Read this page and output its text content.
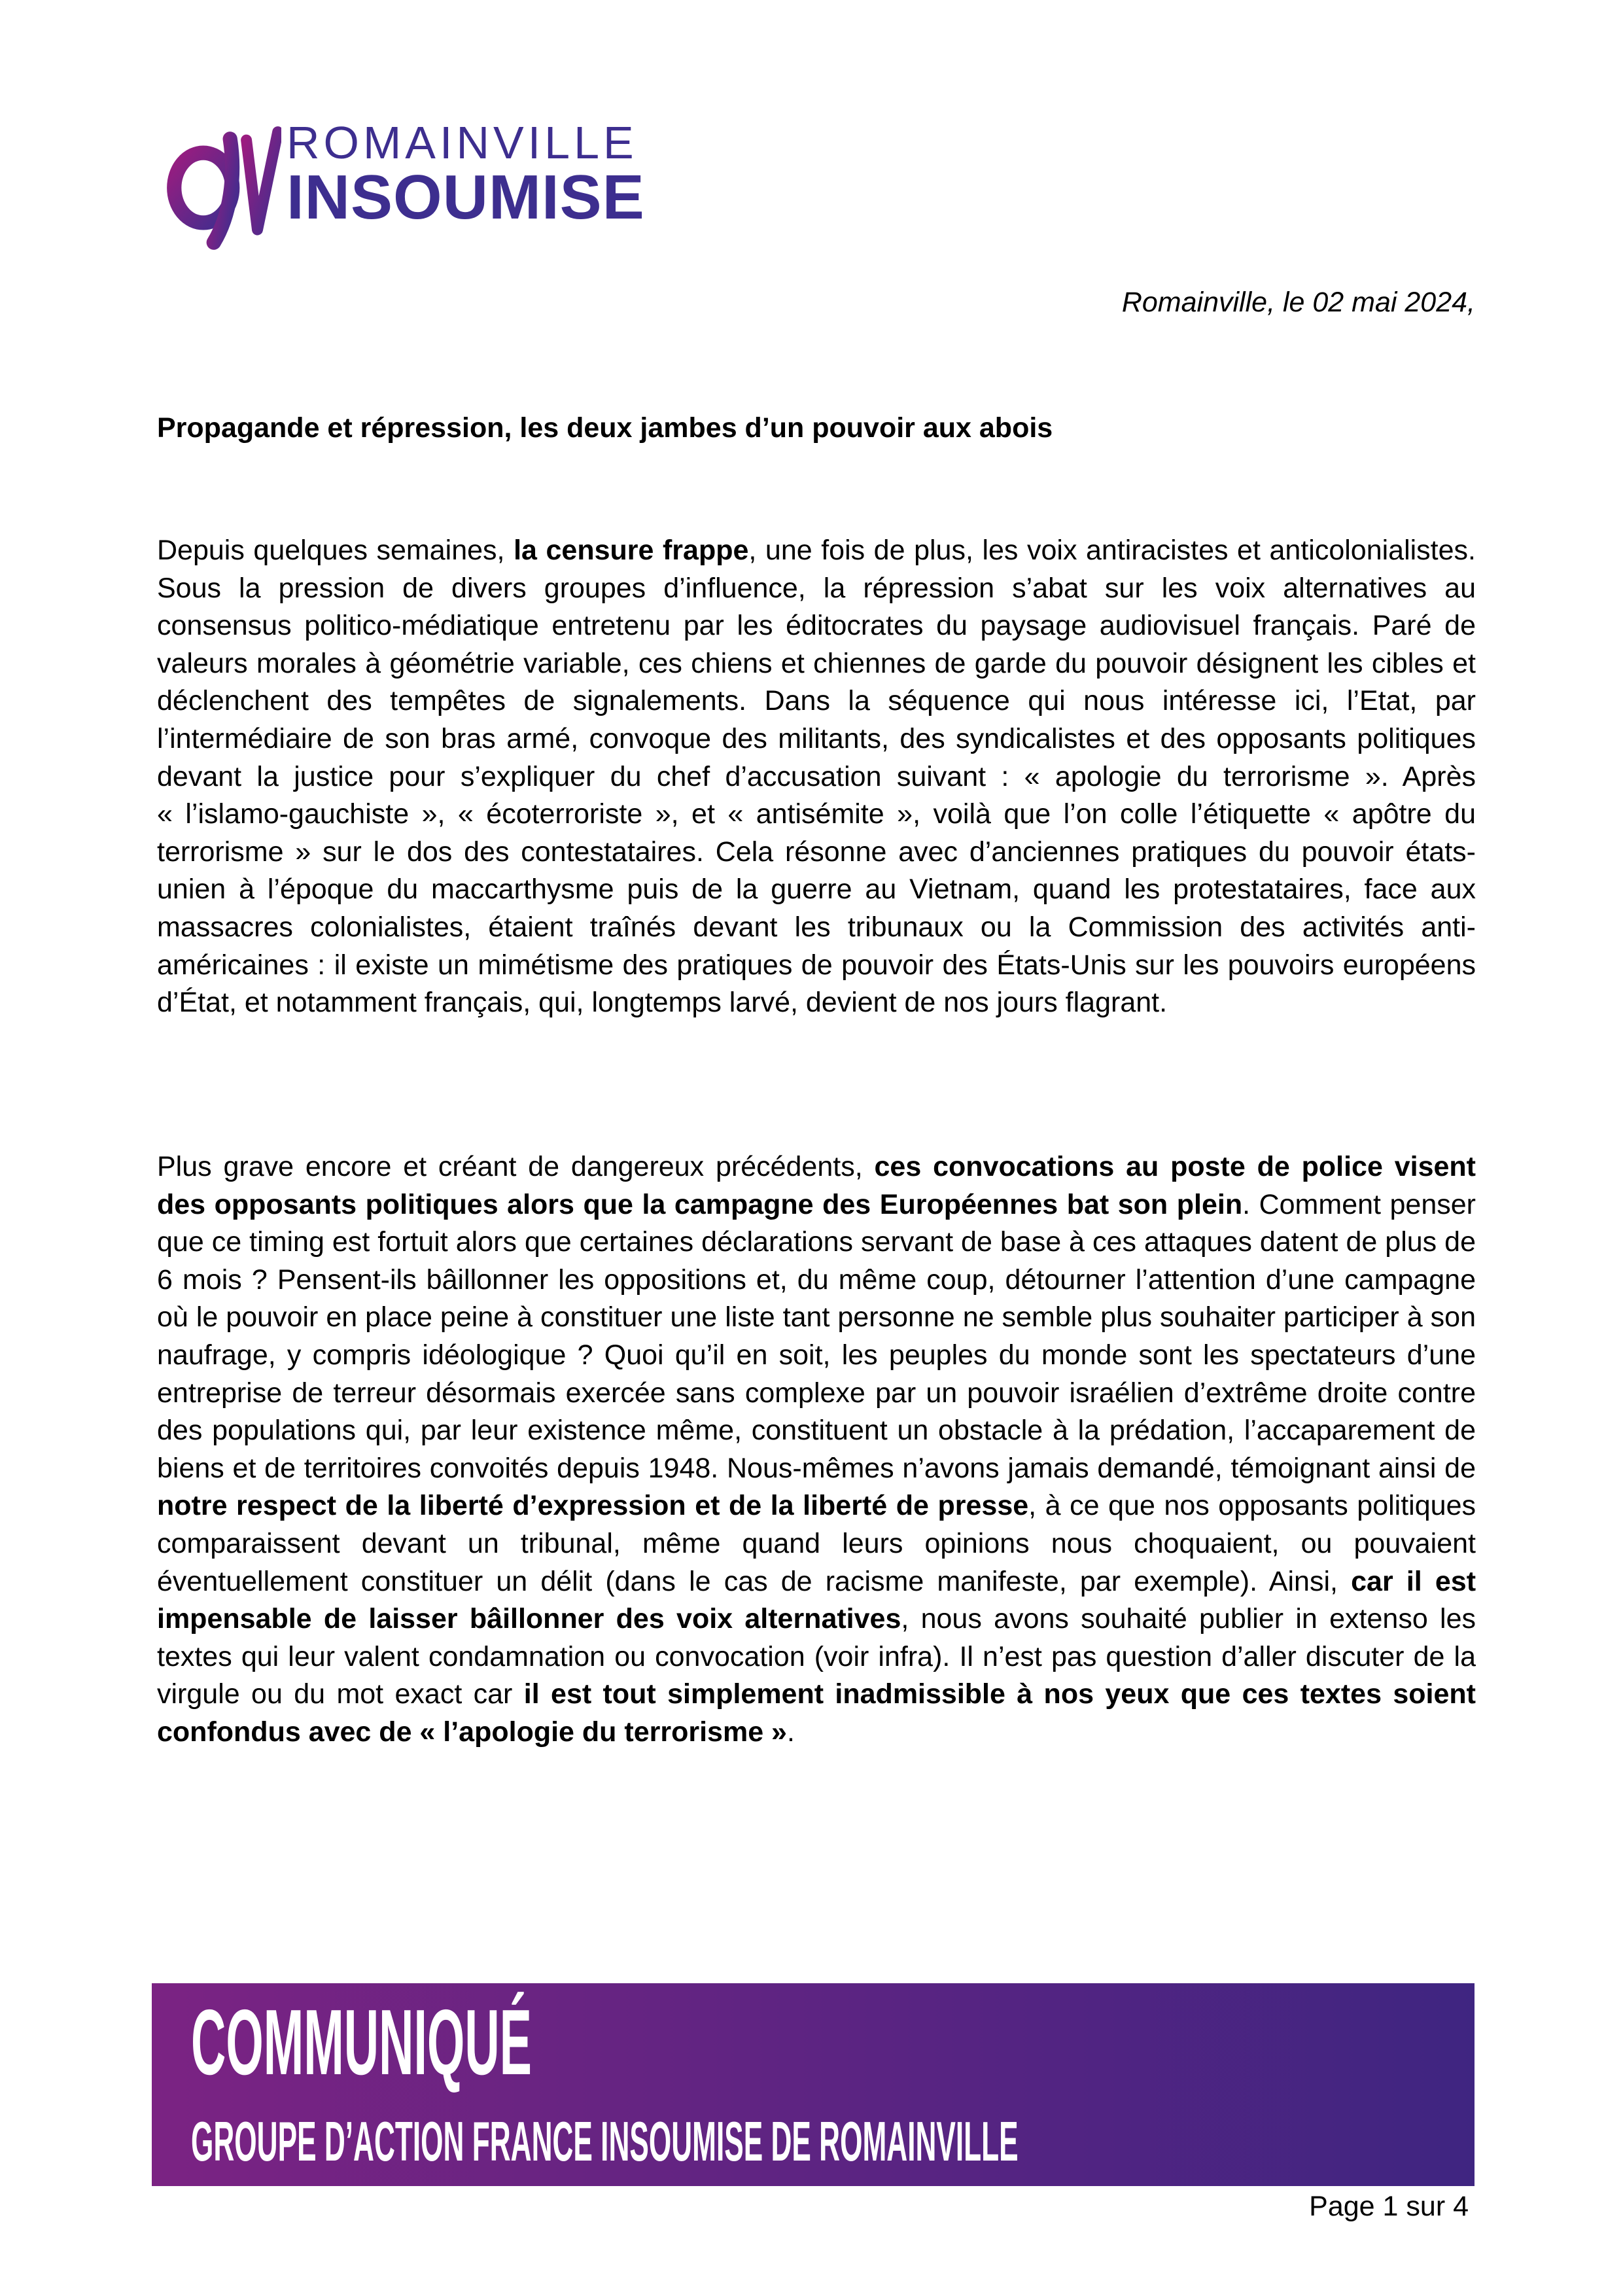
ROMAINVILLE
INSOUMISE
Romainville, le 02 mai 2024,
Propagande et répression, les deux jambes d’un pouvoir aux abois

Depuis quelques semaines, la censure frappe, une fois de plus, les voix antiracistes et anticolonialistes. Sous la pression de divers groupes d’influence, la répression s’abat sur les voix alternatives au consensus politico-médiatique entretenu par les éditocrates du paysage audiovisuel français. Paré de valeurs morales à géométrie variable, ces chiens et chiennes de garde du pouvoir désignent les cibles et déclenchent des tempêtes de signalements. Dans la séquence qui nous intéresse ici, l’Etat, par l’intermédiaire de son bras armé, convoque des militants, des syndicalistes et des opposants politiques devant la justice pour s’expliquer du chef d’accusation suivant : « apologie du terrorisme ». Après « l’islamo-gauchiste », « écoterroriste », et « antisémite », voilà que l’on colle l’étiquette « apôtre du terrorisme » sur le dos des contestataires. Cela résonne avec d’anciennes pratiques du pouvoir états-unien à l’époque du maccarthysme puis de la guerre au Vietnam, quand les protestataires, face aux massacres colonialistes, étaient traînés devant les tribunaux ou la Commission des activités anti-américaines : il existe un mimétisme des pratiques de pouvoir des États-Unis sur les pouvoirs européens d’État, et notamment français, qui, longtemps larvé, devient de nos jours flagrant.

Plus grave encore et créant de dangereux précédents, ces convocations au poste de police visent des opposants politiques alors que la campagne des Européennes bat son plein. Comment penser que ce timing est fortuit alors que certaines déclarations servant de base à ces attaques datent de plus de 6 mois ? Pensent-ils bâillonner les oppositions et, du même coup, détourner l’attention d’une campagne où le pouvoir en place peine à constituer une liste tant personne ne semble plus souhaiter participer à son naufrage, y compris idéologique ? Quoi qu’il en soit, les peuples du monde sont les spectateurs d’une entreprise de terreur désormais exercée sans complexe par un pouvoir israélien d’extrême droite contre des populations qui, par leur existence même, constituent un obstacle à la prédation, l’accaparement de biens et de territoires convoités depuis 1948. Nous-mêmes n’avons jamais demandé, témoignant ainsi de notre respect de la liberté d’expression et de la liberté de presse, à ce que nos opposants politiques comparaissent devant un tribunal, même quand leurs opinions nous choquaient, ou pouvaient éventuellement constituer un délit (dans le cas de racisme manifeste, par exemple). Ainsi, car il est impensable de laisser bâillonner des voix alternatives, nous avons souhaité publier in extenso les textes qui leur valent condamnation ou convocation (voir infra). Il n’est pas question d’aller discuter de la virgule ou du mot exact car il est tout simplement inadmissible à nos yeux que ces textes soient confondus avec de « l’apologie du terrorisme ».

COMMUNIQUÉ
GROUPE D’ACTION FRANCE INSOUMISE DE ROMAINVILLE
Page 1 sur 4
